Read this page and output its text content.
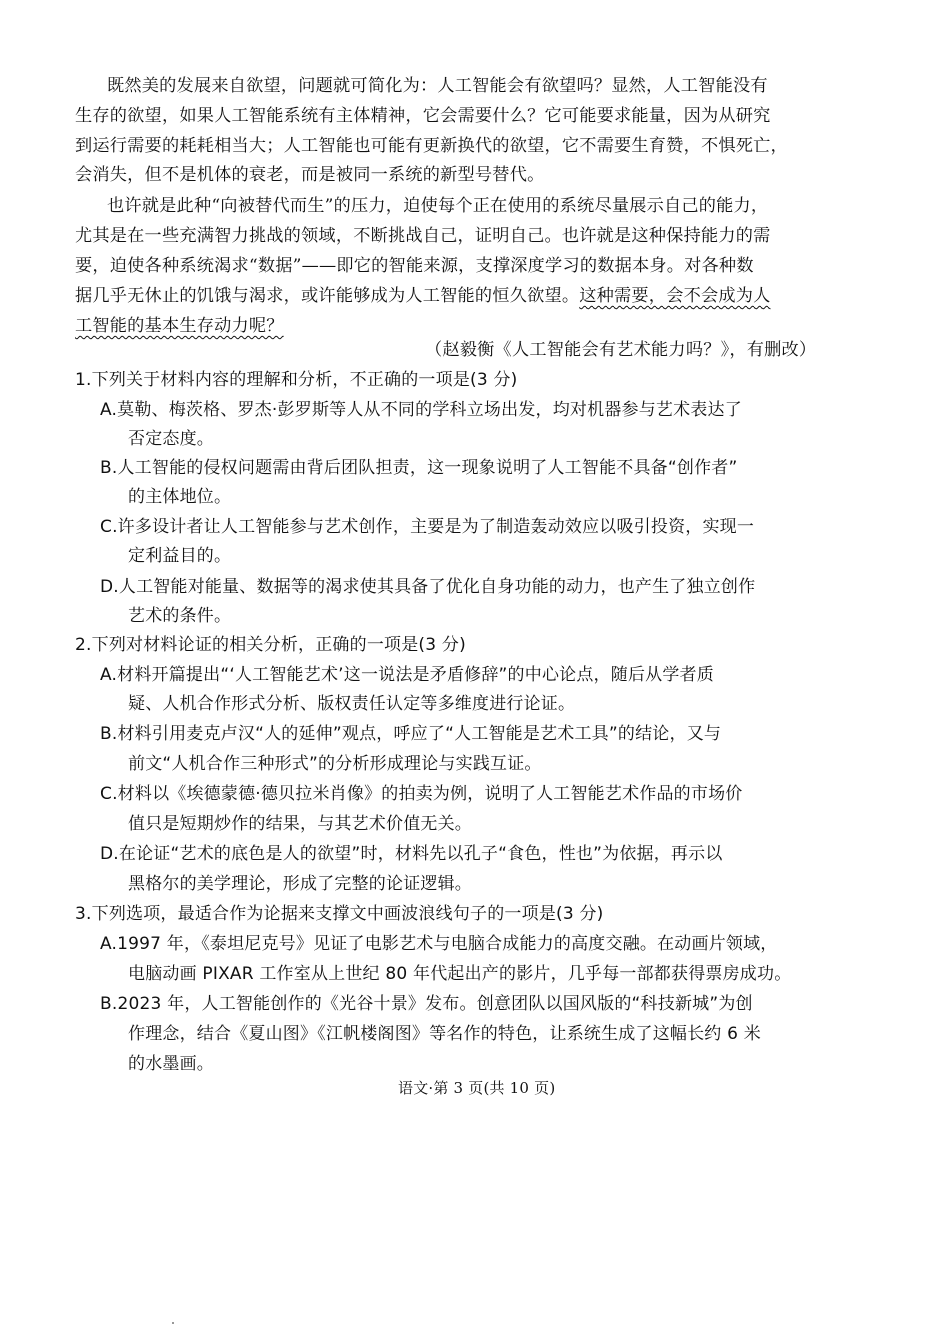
既然美的发展来自欲望，问题就可简化为：人工智能会有欲望吗？显然，人工智能没有
生存的欲望，如果人工智能系统有主体精神，它会需要什么？它可能要求能量，因为从研究
到运行需要的耗耗相当大；人工智能也可能有更新换代的欲望，它不需要生育赞，不惧死亡，
会消失，但不是机体的衰老，而是被同一系统的新型号替代。
也许就是此种“向被替代而生”的压力，迫使每个正在使用的系统尽量展示自己的能力，
尤其是在一些充满智力挑战的领域，不断挑战自己，证明自己。也许就是这种保持能力的需
要，迫使各种系统渴求“数据”——即它的智能来源，支撑深度学习的数据本身。对各种数
据几乎无休止的饥饿与渴求，或许能够成为人工智能的恒久欲望。这种需要，会不会成为人
工智能的基本生存动力呢？
（赵毅衡《人工智能会有艺术能力吗？》，有删改）
1.下列关于材料内容的理解和分析，不正确的一项是(3 分)
A.莫勒、梅茨格、罗杰·彭罗斯等人从不同的学科立场出发，均对机器参与艺术表达了
否定态度。
B.人工智能的侵权问题需由背后团队担责，这一现象说明了人工智能不具备“创作者”
的主体地位。
C.许多设计者让人工智能参与艺术创作，主要是为了制造轰动效应以吸引投资，实现一
定利益目的。
D.人工智能对能量、数据等的渴求使其具备了优化自身功能的动力，也产生了独立创作
艺术的条件。
2.下列对材料论证的相关分析，正确的一项是(3 分)
A.材料开篇提出“‘人工智能艺术’这一说法是矛盾修辞”的中心论点，随后从学者质
疑、人机合作形式分析、版权责任认定等多维度进行论证。
B.材料引用麦克卢汉“人的延伸”观点，呼应了“人工智能是艺术工具”的结论，又与
前文“人机合作三种形式”的分析形成理论与实践互证。
C.材料以《埃德蒙德·德贝拉米肖像》的拍卖为例，说明了人工智能艺术作品的市场价
值只是短期炒作的结果，与其艺术价值无关。
D.在论证“艺术的底色是人的欲望”时，材料先以孔子“食色，性也”为依据，再示以
黑格尔的美学理论，形成了完整的论证逻辑。
3.下列选项，最适合作为论据来支撑文中画波浪线句子的一项是(3 分)
A.1997 年，《泰坦尼克号》见证了电影艺术与电脑合成能力的高度交融。在动画片领域，
电脑动画 PIXAR 工作室从上世纪 80 年代起出产的影片，几乎每一部都获得票房成功。
B.2023 年，人工智能创作的《光谷十景》发布。创意团队以国风版的“科技新城”为创
作理念，结合《夏山图》《江帆楼阁图》等名作的特色，让系统生成了这幅长约 6 米
的水墨画。
语文·第 3 页(共 10 页)
